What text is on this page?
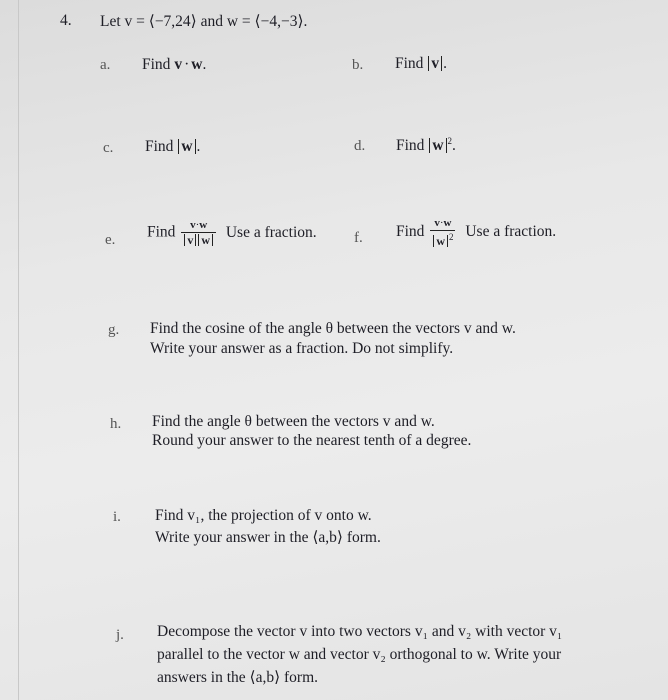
4. Let v = ⟨−7,24⟩ and w = ⟨−4,−3⟩.
a. Find v · w.	b. Find v .
c. Find w .	d. Find w $^2$.
e. Find $\frac{v\cdot w}{\text{v w}}$ Use a fraction. f. Find $\frac{v\cdot w}{w ^2}$ Use a fraction.
g. Find the cosine of the angle θ between the vectors v and w.
Write your answer as a fraction. Do not simplify.
h. Find the angle θ between the vectors v and w.
Round your answer to the nearest tenth of a degree.
i. Find v₁, the projection of v onto w.
Write your answer in the ⟨a,b⟩ form.
j. Decompose the vector v into two vectors v₁ and v₂ with vector v₁
parallel to the vector w and vector v₂ orthogonal to w. Write your
answers in the ⟨a,b⟩ form.
